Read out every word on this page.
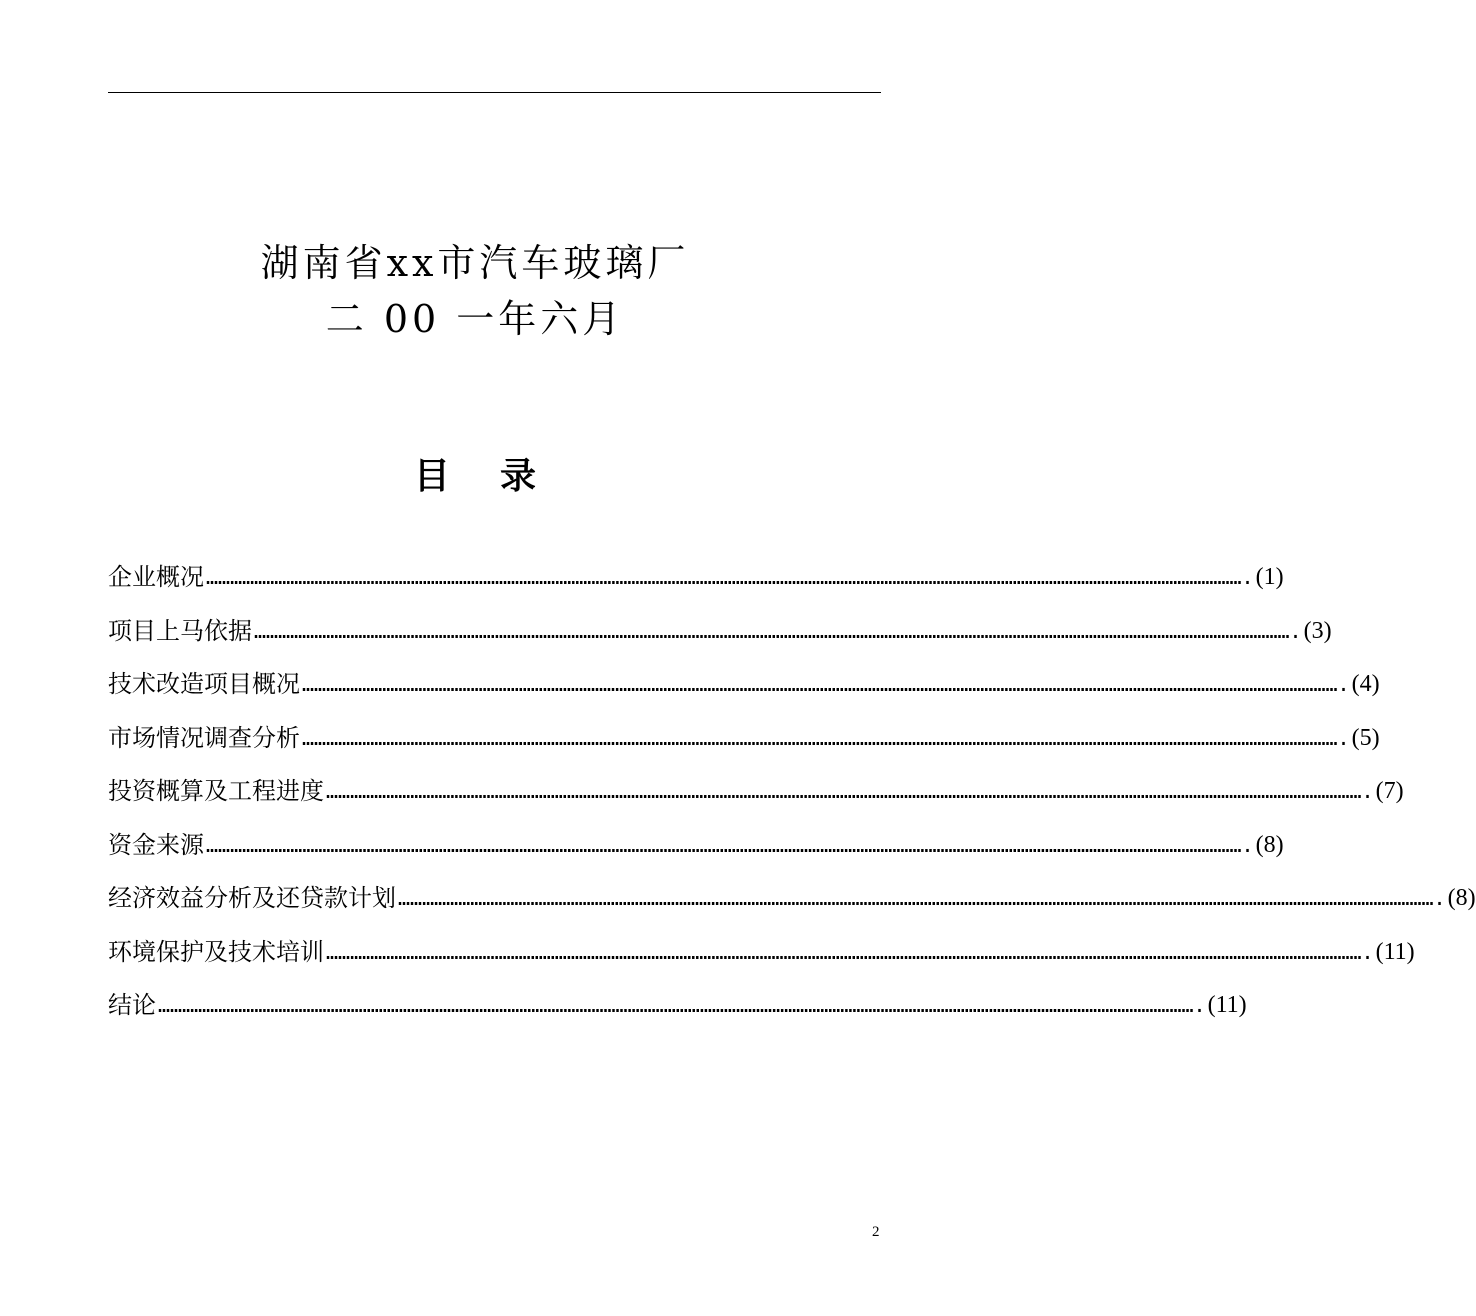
湖南省xx市汽车玻璃厂
二 00 一年六月
目    录
企业概况 ……………………………………………………………………………………………………………………………………………………………………………………………………………………………………. (1)
项目上马依据 ……………………………………………………………………………………………………………………………………………………………………………………………………………………………………. (3)
技术改造项目概况 ……………………………………………………………………………………………………………………………………………………………………………………………………………………………………. (4)
市场情况调查分析 ……………………………………………………………………………………………………………………………………………………………………………………………………………………………………. (5)
投资概算及工程进度 ……………………………………………………………………………………………………………………………………………………………………………………………………………………………………. (7)
资金来源 ……………………………………………………………………………………………………………………………………………………………………………………………………………………………………. (8)
经济效益分析及还贷款计划 ……………………………………………………………………………………………………………………………………………………………………………………………………………………………………. (8)
环境保护及技术培训 ……………………………………………………………………………………………………………………………………………………………………………………………………………………………………. (11)
结论 ……………………………………………………………………………………………………………………………………………………………………………………………………………………………………. (11)
2
